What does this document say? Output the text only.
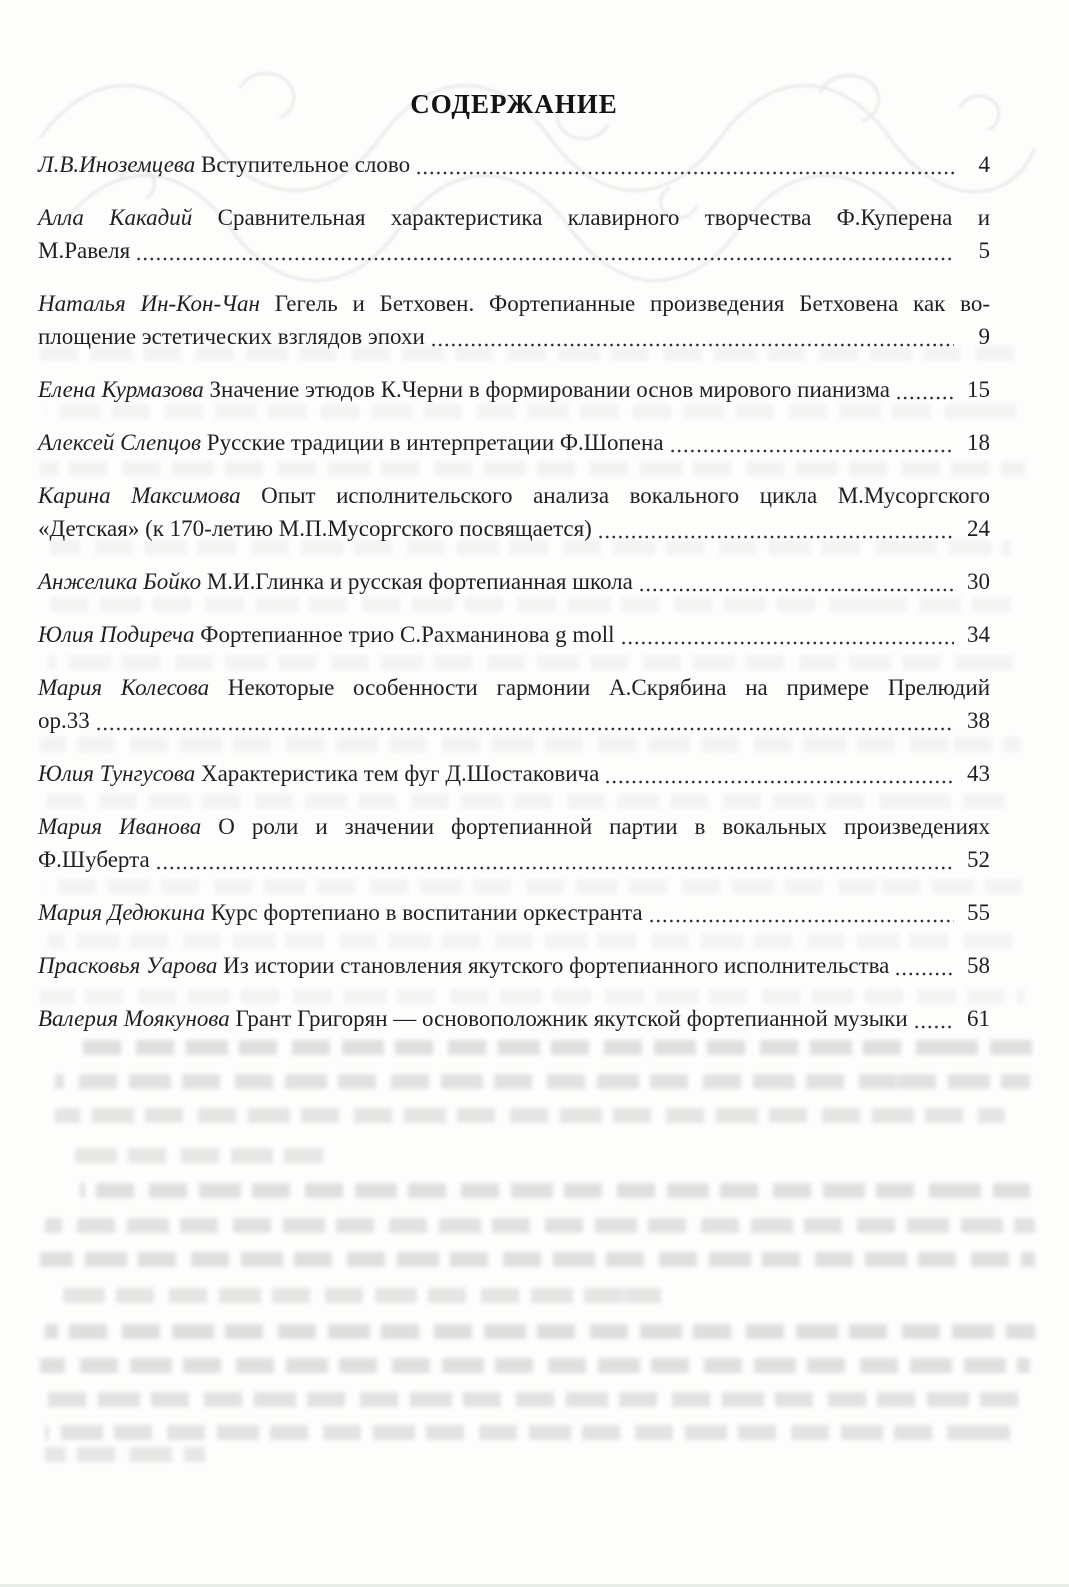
СОДЕРЖАНИЕ
Л.В.Иноземцева Вступительное слово	4
Алла Какадий Сравнительная характеристика клавирного творчества Ф.Куперена и
М.Равеля	5
Наталья Ин-Кон-Чан Гегель и Бетховен. Фортепианные произведения Бетховена как во-
площение эстетических взглядов эпохи	9
Елена Курмазова Значение этюдов К.Черни в формировании основ мирового пианизма	15
Алексей Слепцов Русские традиции в интерпретации Ф.Шопена	18
Карина Максимова Опыт исполнительского анализа вокального цикла М.Мусоргского
«Детская» (к 170-летию М.П.Мусоргского посвящается)	24
Анжелика Бойко М.И.Глинка и русская фортепианная школа	30
Юлия Подиреча Фортепианное трио С.Рахманинова g moll	34
Мария Колесова Некоторые особенности гармонии А.Скрябина на примере Прелюдий
ор.33	38
Юлия Тунгусова Характеристика тем фуг Д.Шостаковича	43
Мария Иванова О роли и значении фортепианной партии в вокальных произведениях
Ф.Шуберта	52
Мария Дедюкина Курс фортепиано в воспитании оркестранта	55
Прасковья Уарова Из истории становления якутского фортепианного исполнительства	58
Валерия Моякунова Грант Григорян — основоположник якутской фортепианной музыки	61
